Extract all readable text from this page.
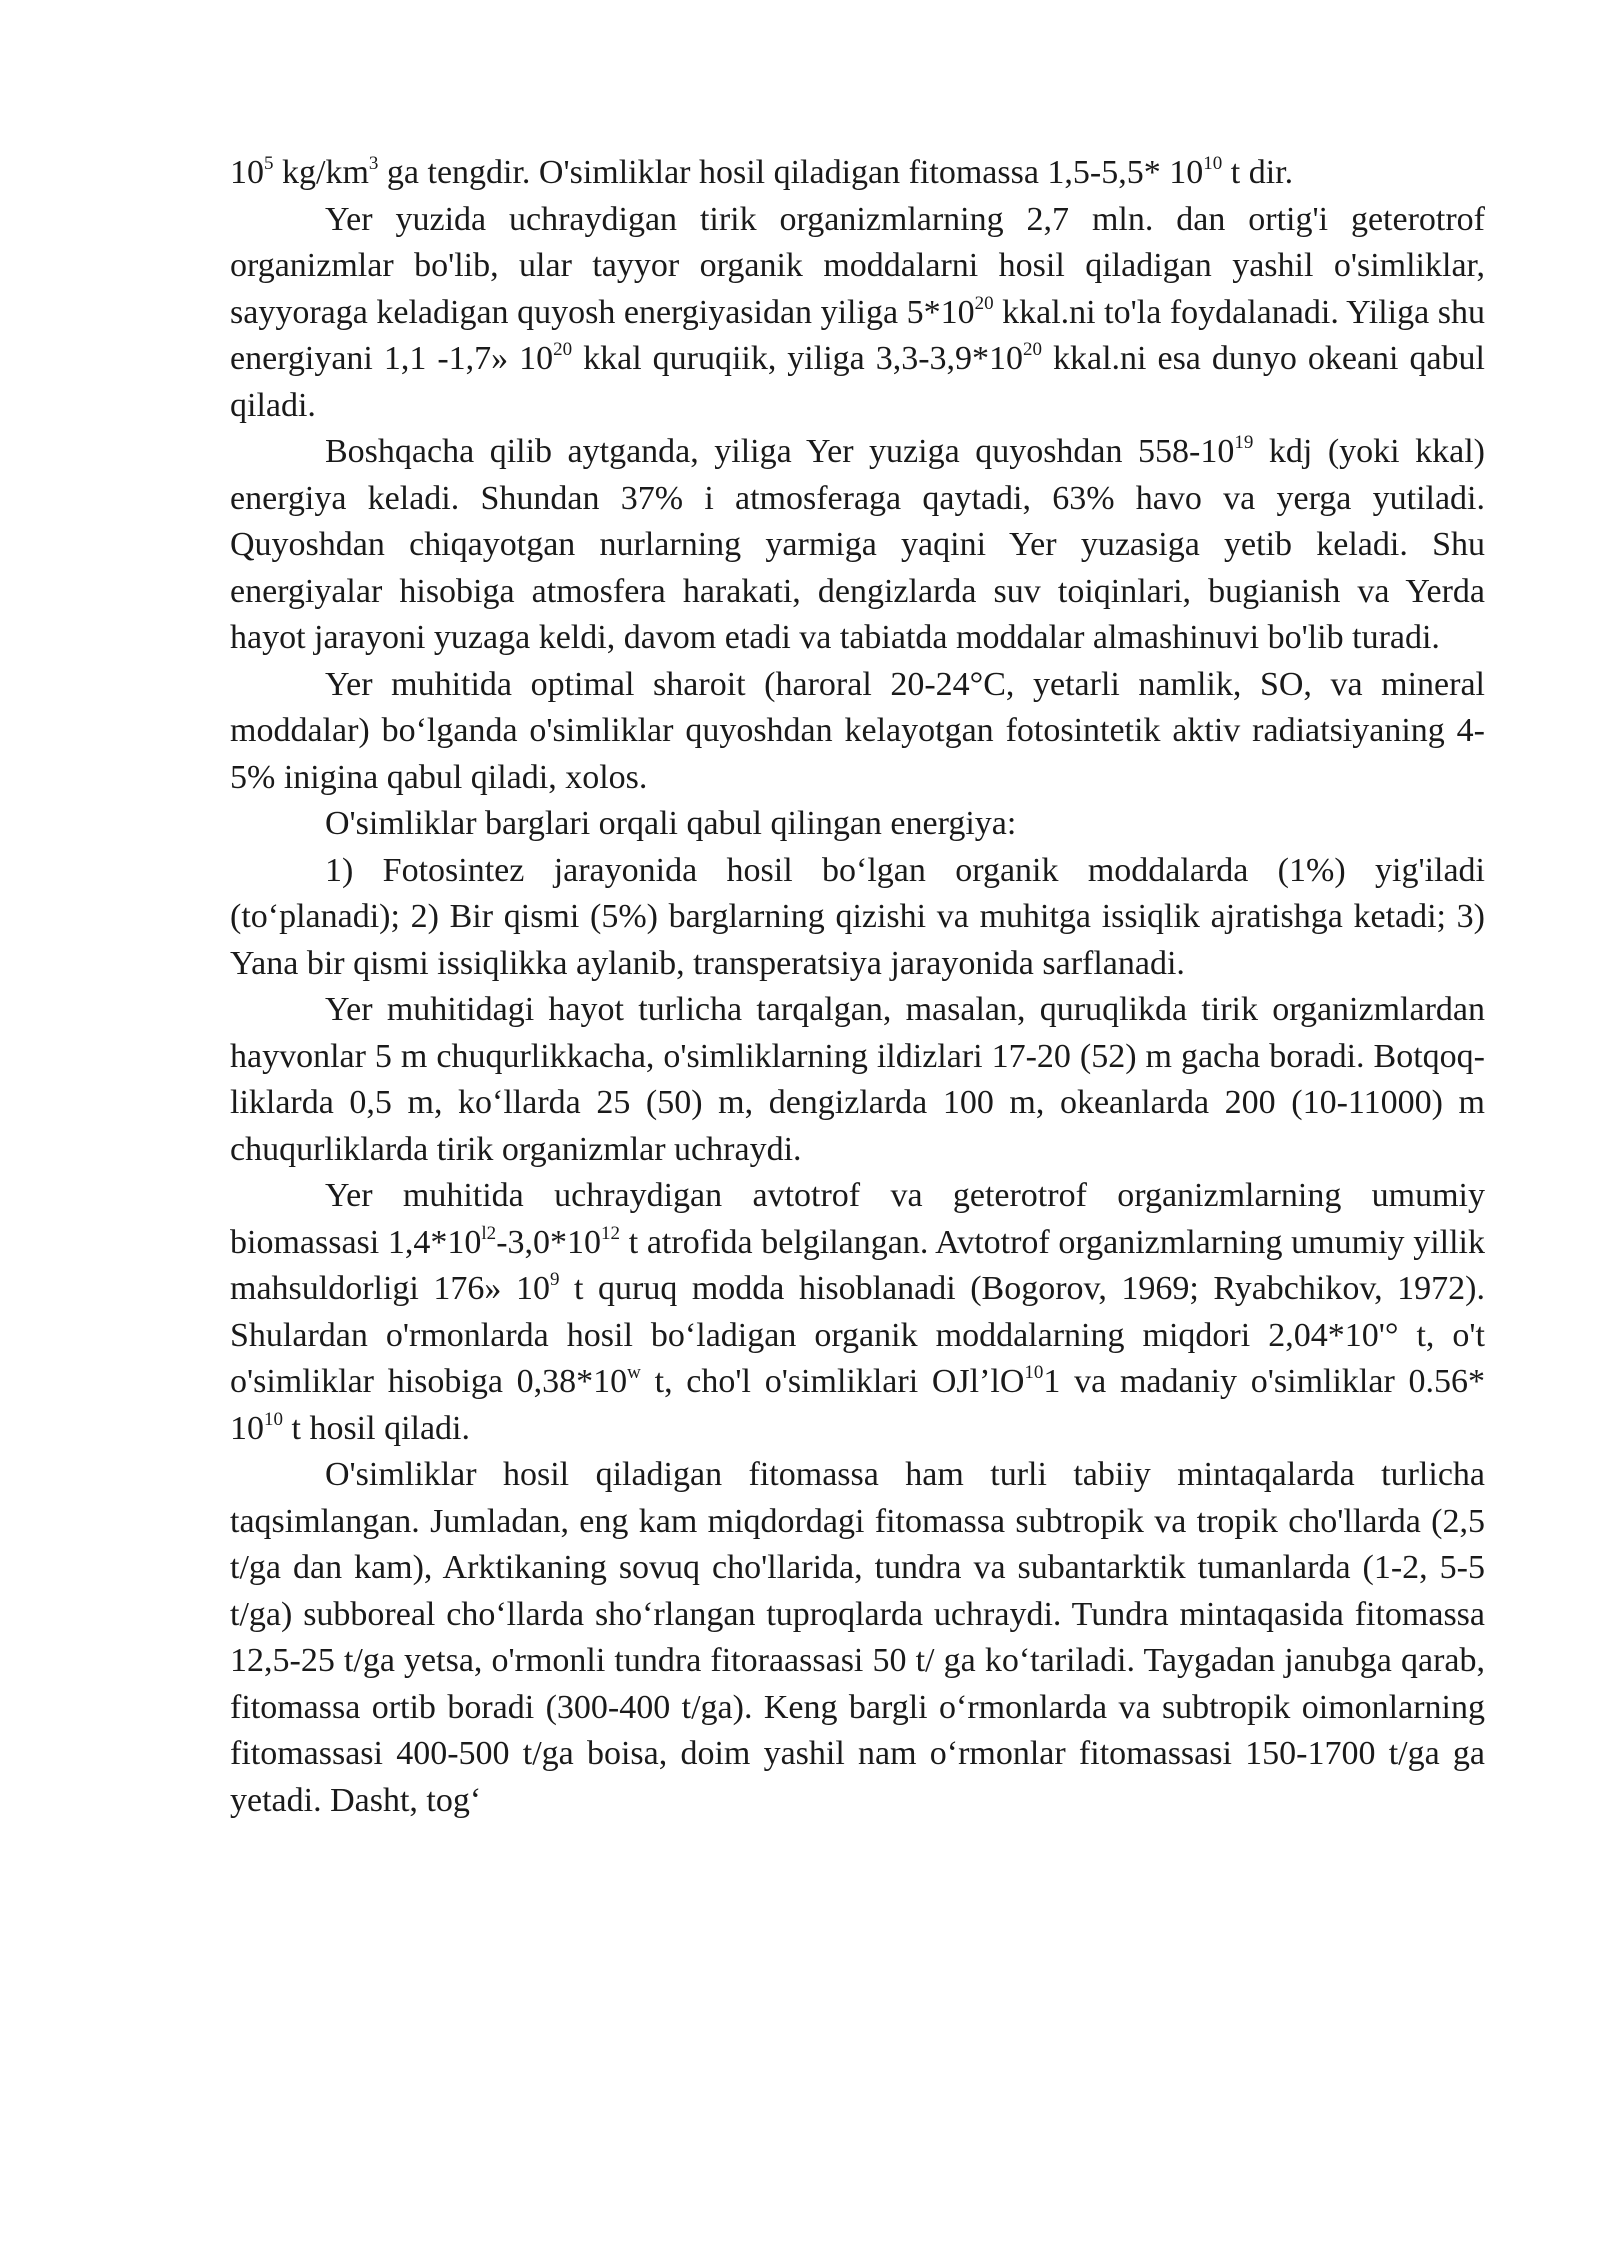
$10^5$ $kg/km^3$ ga tengdir. O'simliklar hosil qiladigan fitomassa 1,5-5,5* $10^{10}$ t dir.

Yer yuzida uchraydigan tirik organizmlarning 2,7 mln. dan ortig'i geterotrof organizmlar bo'lib, ular tayyor organik moddalarni hosil qiladigan yashil o'simliklar, sayyoraga keladigan quyosh energiyasidan yiliga $5*10^{20}$ kkal.ni to'la foydalanadi. Yiliga shu energiyani 1,1 -1,7» $10^{20}$ kkal quruqiik, yiliga $3,3-3,9*10^{20}$ kkal.ni esa dunyo okeani qabul qiladi.

Boshqacha qilib aytganda, yiliga Yer yuziga quyoshdan $558-10^{19}$ kdj (yoki kkal) energiya keladi. Shundan 37% i atmosferaga qaytadi, 63% havo va yerga yutiladi. Quyoshdan chiqayotgan nurlarning yarmiga yaqini Yer yuzasiga yetib keladi. Shu energiyalar hisobiga atmosfera harakati, dengizlarda suv toiqinlari, bugianish va Yerda hayot jarayoni yuzaga keldi, davom etadi va tabiatda moddalar almashinuvi bo'lib turadi.

Yer muhitida optimal sharoit (haroral 20-24°C, yetarli namlik, SO, va mineral moddalar) bo‘lganda o'simliklar quyoshdan kelayotgan fotosintetik aktiv radiatsiyaning 4-5% inigina qabul qiladi, xolos.

O'simliklar barglari orqali qabul qilingan energiya:

1) Fotosintez jarayonida hosil bo‘lgan organik moddalarda (1%) yig'iladi (to‘planadi); 2) Bir qismi (5%) barglarning qizishi va muhitga issiqlik ajratishga ketadi; 3) Yana bir qismi issiqlikka aylanib, transperatsiya jarayonida sarflanadi.

Yer muhitidagi hayot turlicha tarqalgan, masalan, quruqlikda tirik organizmlardan hayvonlar 5 m chuqurlikkacha, o'simliklarning ildizlari 17-20 (52) m gacha boradi. Botqoq- liklarda 0,5 m, ko‘llarda 25 (50) m, dengizlarda 100 m, okeanlarda 200 (10-11000) m chuqurliklarda tirik organizmlar uchraydi.

Yer muhitida uchraydigan avtotrof va geterotrof organizmlarning umumiy biomassasi $1,4*10^{l2}-3,0*10^{12}$ t atrofida belgilangan. Avtotrof organizmlarning umumiy yillik mahsuldorligi 176» $10^9$ t quruq modda hisoblanadi (Bogorov, 1969; Ryabchikov, 1972). Shulardan o'rmonlarda hosil bo‘ladigan organik moddalarning miqdori 2,04*10'° t, o't o'simliklar hisobiga 0,38*10$^w$ t, cho'l o'simliklari $OJl’lO^{10}1$ va madaniy o'simliklar 0.56* $10^{10}$ t hosil qiladi.

O'simliklar hosil qiladigan fitomassa ham turli tabiiy mintaqalarda turlicha taqsimlangan. Jumladan, eng kam miqdordagi fitomassa subtropik va tropik cho'llarda (2,5 t/ga dan kam), Arktikaning sovuq cho'llarida, tundra va subantarktik tumanlarda (1-2, 5-5 t/ga) subboreal cho‘llarda sho‘rlangan tuproqlarda uchraydi. Tundra mintaqasida fitomassa 12,5-25 t/ga yetsa, o'rmonli tundra fitoraassasi 50 t/ ga ko‘tariladi. Taygadan janubga qarab, fitomassa ortib boradi (300-400 t/ga). Keng bargli o‘rmonlarda va subtropik oimonlarning fitomassasi 400-500 t/ga boisa, doim yashil nam o‘rmonlar fitomassasi 150-1700 t/ga ga yetadi. Dasht, tog‘
